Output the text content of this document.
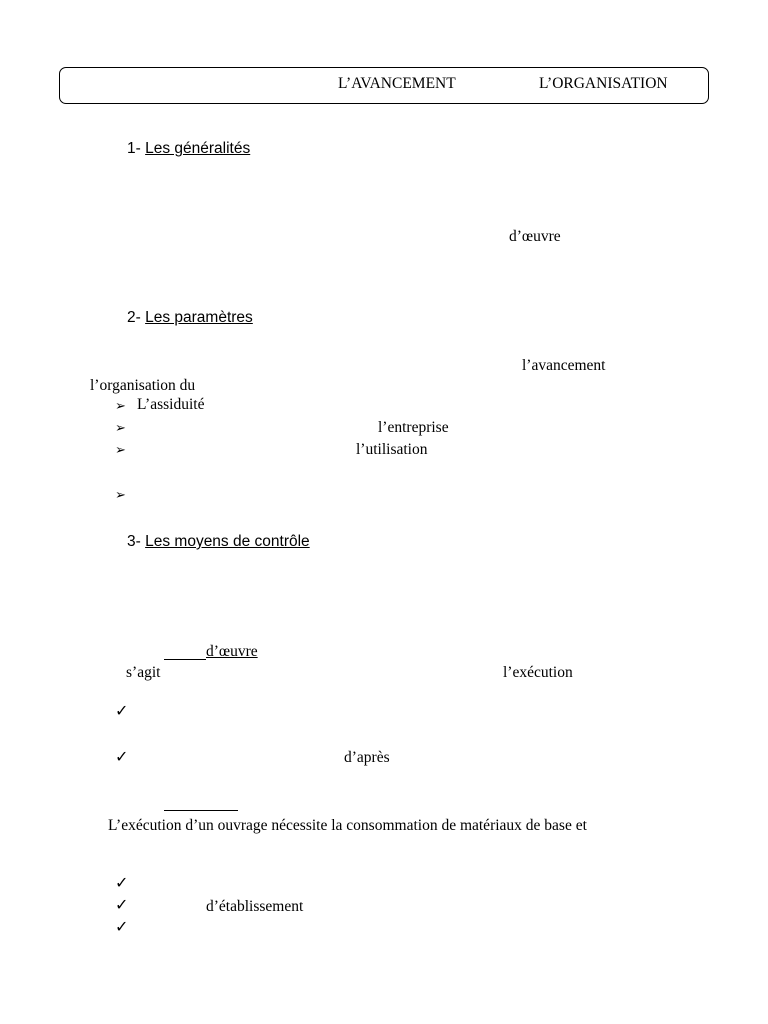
L’AVANCEMENT	L’ORGANISATION
1- Les généralités
d’œuvre
2- Les paramètres
l’avancement
l’organisation du
➢ L’assiduité
➢	l’entreprise
➢	l’utilisation
➢
3- Les moyens de contrôle
d’œuvre
s’agit	l’exécution
✓
✓	d’après
L’exécution d’un ouvrage nécessite la consommation de matériaux de base et
✓
✓	d’établissement
✓
